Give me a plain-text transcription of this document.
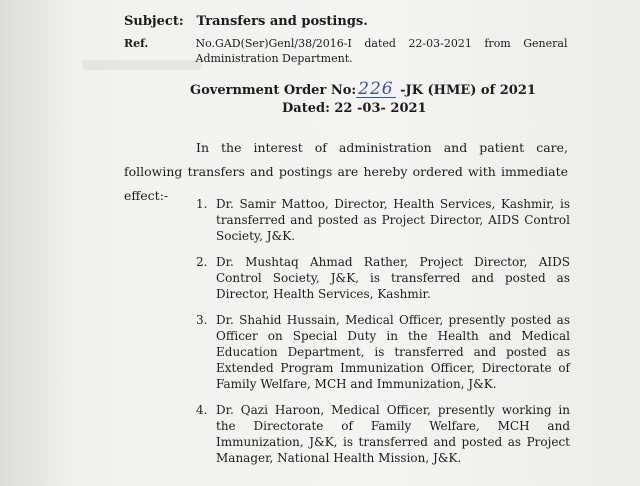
Subject: Transfers and postings.
Ref.	No.GAD(Ser)Genl/38/2016-I dated 22-03-2021 from General
Administration Department.
Government Order No: 226 -JK (HME) of 2021
Dated: 22 -03- 2021
In the interest of administration and patient care, following transfers and postings are hereby ordered with immediate effect:-
1. Dr. Samir Mattoo, Director, Health Services, Kashmir, is transferred and posted as Project Director, AIDS Control Society, J&K.
2. Dr. Mushtaq Ahmad Rather, Project Director, AIDS Control Society, J&K, is transferred and posted as Director, Health Services, Kashmir.
3. Dr. Shahid Hussain, Medical Officer, presently posted as Officer on Special Duty in the Health and Medical Education Department, is transferred and posted as Extended Program Immunization Officer, Directorate of Family Welfare, MCH and Immunization, J&K.
4. Dr. Qazi Haroon, Medical Officer, presently working in the Directorate of Family Welfare, MCH and Immunization, J&K, is transferred and posted as Project Manager, National Health Mission, J&K.
